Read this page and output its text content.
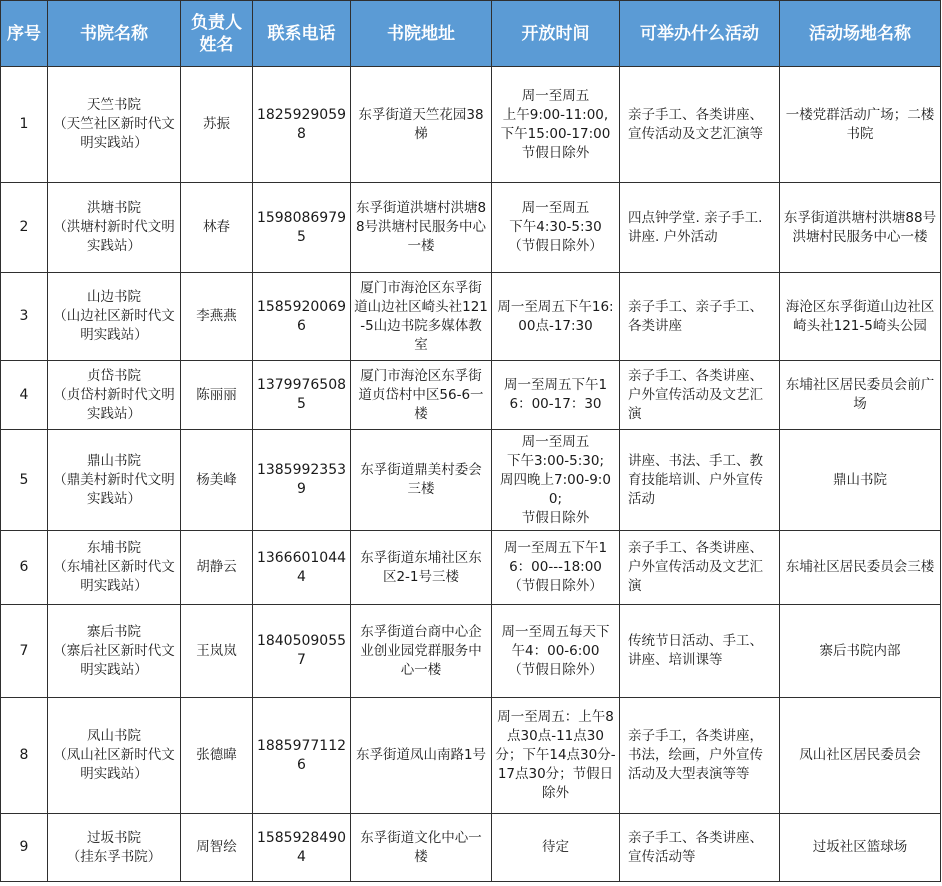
序号	书院名称	负责人姓名	联系电话	书院地址	开放时间	可举办什么活动	活动场地名称
1	天竺书院
（天竺社区新时代文明实践站）	苏振	18259290598	东孚街道天竺花园38梯	周一至周五
上午9:00-11:00,
下午15:00-17:00
节假日除外	亲子手工、各类讲座、宣传活动及文艺汇演等	一楼党群活动广场；二楼书院
2	洪塘书院
（洪塘村新时代文明实践站）	林春	15980869795	东孚街道洪塘村洪塘88号洪塘村民服务中心一楼	周一至周五
下午4:30-5:30
（节假日除外）	四点钟学堂. 亲子手工. 讲座. 户外活动	东孚街道洪塘村洪塘88号洪塘村民服务中心一楼
3	山边书院
（山边社区新时代文明实践站）	李燕燕	15859200696	厦门市海沧区东孚街道山边社区崎头社121-5山边书院多媒体教室	周一至周五下午16:00点-17:30	亲子手工、亲子手工、各类讲座	海沧区东孚街道山边社区崎头社121-5崎头公园
4	贞岱书院
（贞岱村新时代文明实践站）	陈丽丽	13799765085	厦门市海沧区东孚街道贞岱村中区56-6一楼	周一至周五下午16：00-17：30	亲子手工、各类讲座、户外宣传活动及文艺汇演	东埔社区居民委员会前广场
5	鼎山书院
（鼎美村新时代文明实践站）	杨美峰	13859923539	东孚街道鼎美村委会三楼	周一至周五
下午3:00-5:30;
周四晚上7:00-9:00;
节假日除外	讲座、书法、手工、教育技能培训、户外宣传活动	鼎山书院
6	东埔书院
（东埔社区新时代文明实践站）	胡静云	13666010444	东孚街道东埔社区东区2-1号三楼	周一至周五下午16：00---18:00
（节假日除外）	亲子手工、各类讲座、户外宣传活动及文艺汇演	东埔社区居民委员会三楼
7	寨后书院
（寨后社区新时代文明实践站）	王岚岚	18405090557	东孚街道台商中心企业创业园党群服务中心一楼	周一至周五每天下午4：00-6:00
（节假日除外）	传统节日活动、手工、讲座、培训课等	寨后书院内部
8	凤山书院
（凤山社区新时代文明实践站）	张德暐	18859771126	东孚街道凤山南路1号	周一至周五：上午8点30点-11点30分；下午14点30分-17点30分；节假日除外	亲子手工，各类讲座，书法，绘画，户外宣传活动及大型表演等等	凤山社区居民委员会
9	过坂书院
（挂东孚书院）	周智绘	15859284904	东孚街道文化中心一楼	待定	亲子手工、各类讲座、宣传活动等	过坂社区篮球场
